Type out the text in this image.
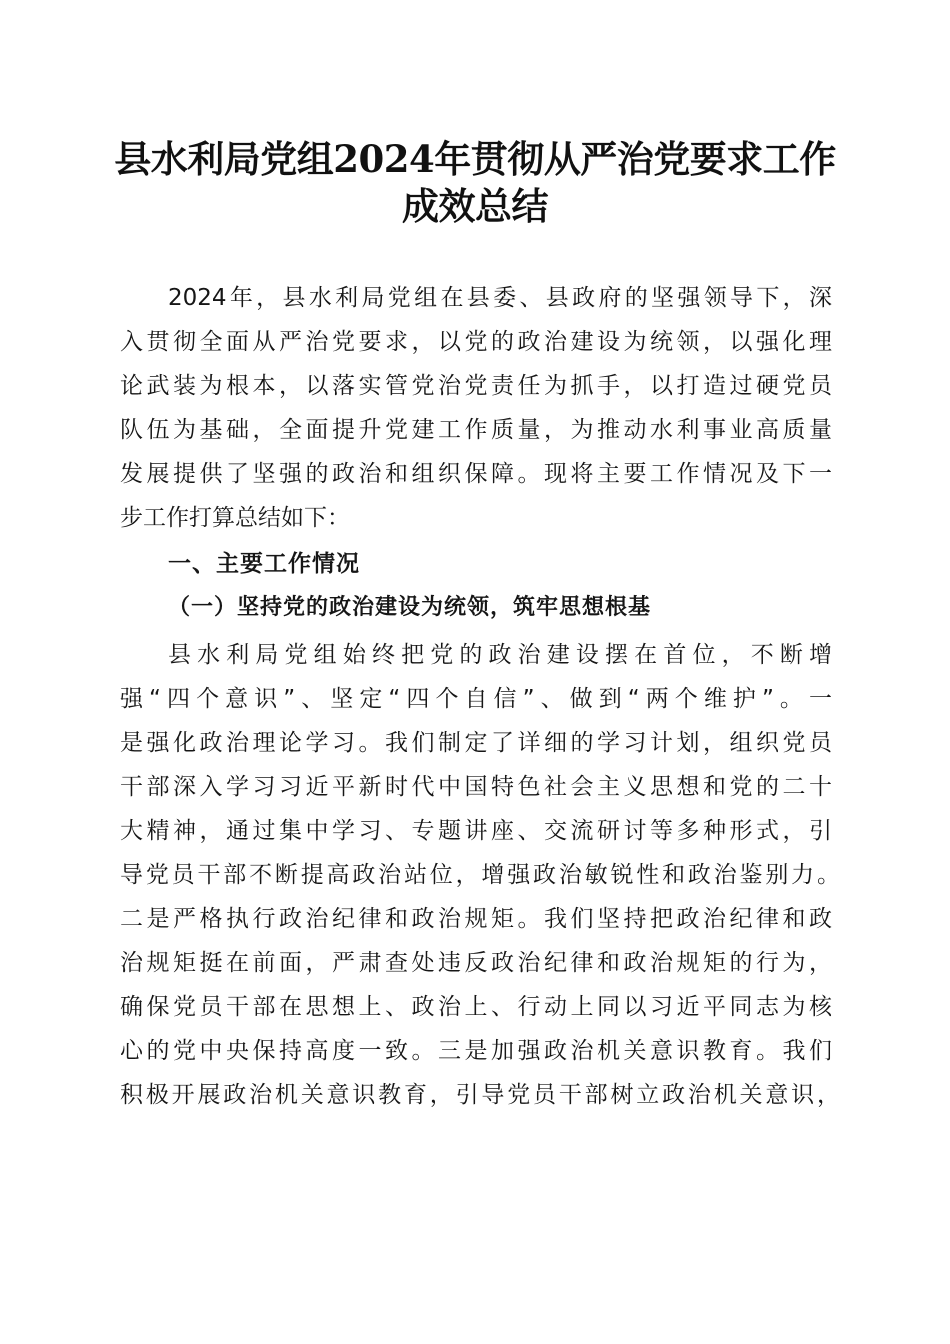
县水利局党组2024年贯彻从严治党要求工作
成效总结
2024年，县水利局党组在县委、县政府的坚强领导下，深
入贯彻全面从严治党要求，以党的政治建设为统领，以强化理
论武装为根本，以落实管党治党责任为抓手，以打造过硬党员
队伍为基础，全面提升党建工作质量，为推动水利事业高质量
发展提供了坚强的政治和组织保障。现将主要工作情况及下一
步工作打算总结如下：
一、主要工作情况
（一）坚持党的政治建设为统领，筑牢思想根基
县水利局党组始终把党的政治建设摆在首位，不断增
强“四个意识”、坚定“四个自信”、做到“两个维护”。一
是强化政治理论学习。我们制定了详细的学习计划，组织党员
干部深入学习习近平新时代中国特色社会主义思想和党的二十
大精神，通过集中学习、专题讲座、交流研讨等多种形式，引
导党员干部不断提高政治站位，增强政治敏锐性和政治鉴别力。
二是严格执行政治纪律和政治规矩。我们坚持把政治纪律和政
治规矩挺在前面，严肃查处违反政治纪律和政治规矩的行为，
确保党员干部在思想上、政治上、行动上同以习近平同志为核
心的党中央保持高度一致。三是加强政治机关意识教育。我们
积极开展政治机关意识教育，引导党员干部树立政治机关意识，
